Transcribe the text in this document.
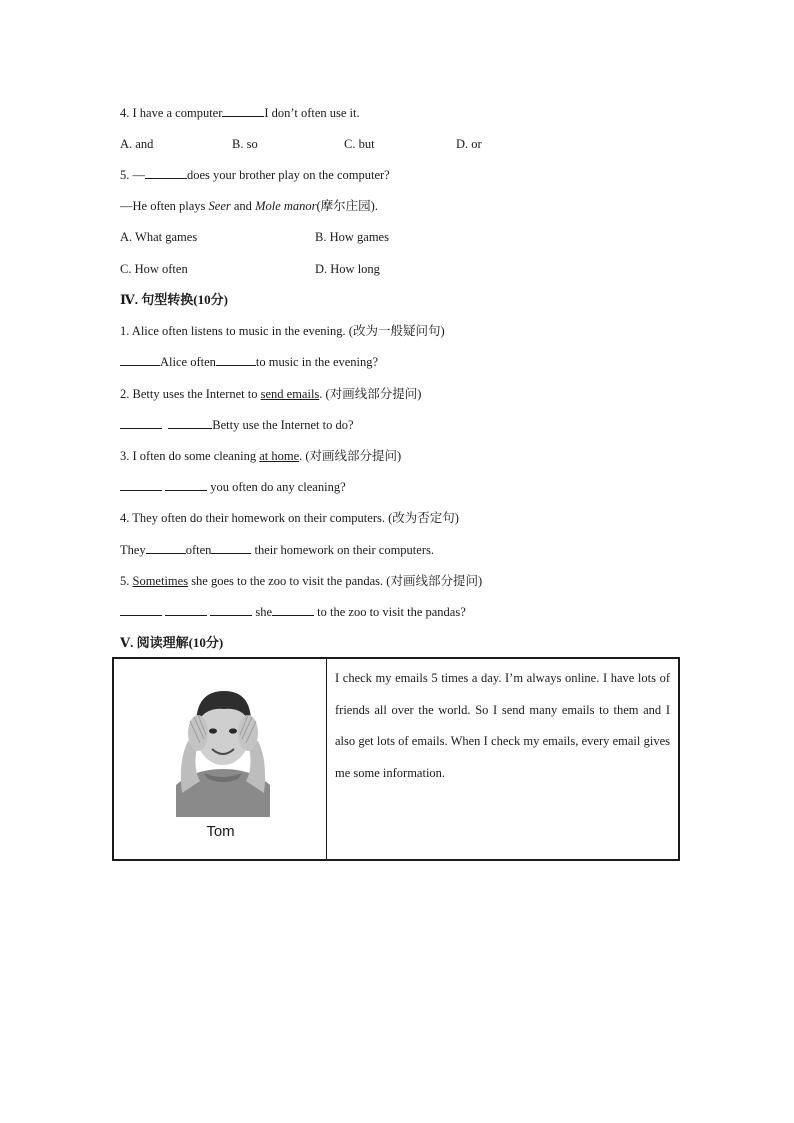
4. I have a computer	I don’t often use it.
A. and	B. so	C. but	D. or
5. —	does your brother play on the computer?
—He often plays Seer and Mole manor(摩尔庄园).
A. What games	B. How games
C. How often	D. How long
Ⅳ. 句型转换(10分)
1. Alice often listens to music in the evening. (改为一般疑问句)
Alice often	to music in the evening?
2. Betty uses the Internet to send emails. (对画线部分提问)
Betty use the Internet to do?
3. I often do some cleaning at home. (对画线部分提问)
you often do any cleaning?
4. They often do their homework on their computers. (改为否定句)
They	often	their homework on their computers.
5. Sometimes she goes to the zoo to visit the pandas. (对画线部分提问)
she	to the zoo to visit the pandas?
Ⅴ. 阅读理解(10分)
Tom

I check my emails 5 times a day. I’m always online. I have lots of friends all over the world. So I send many emails to them and I also get lots of emails. When I check my emails, every email gives me some information.
